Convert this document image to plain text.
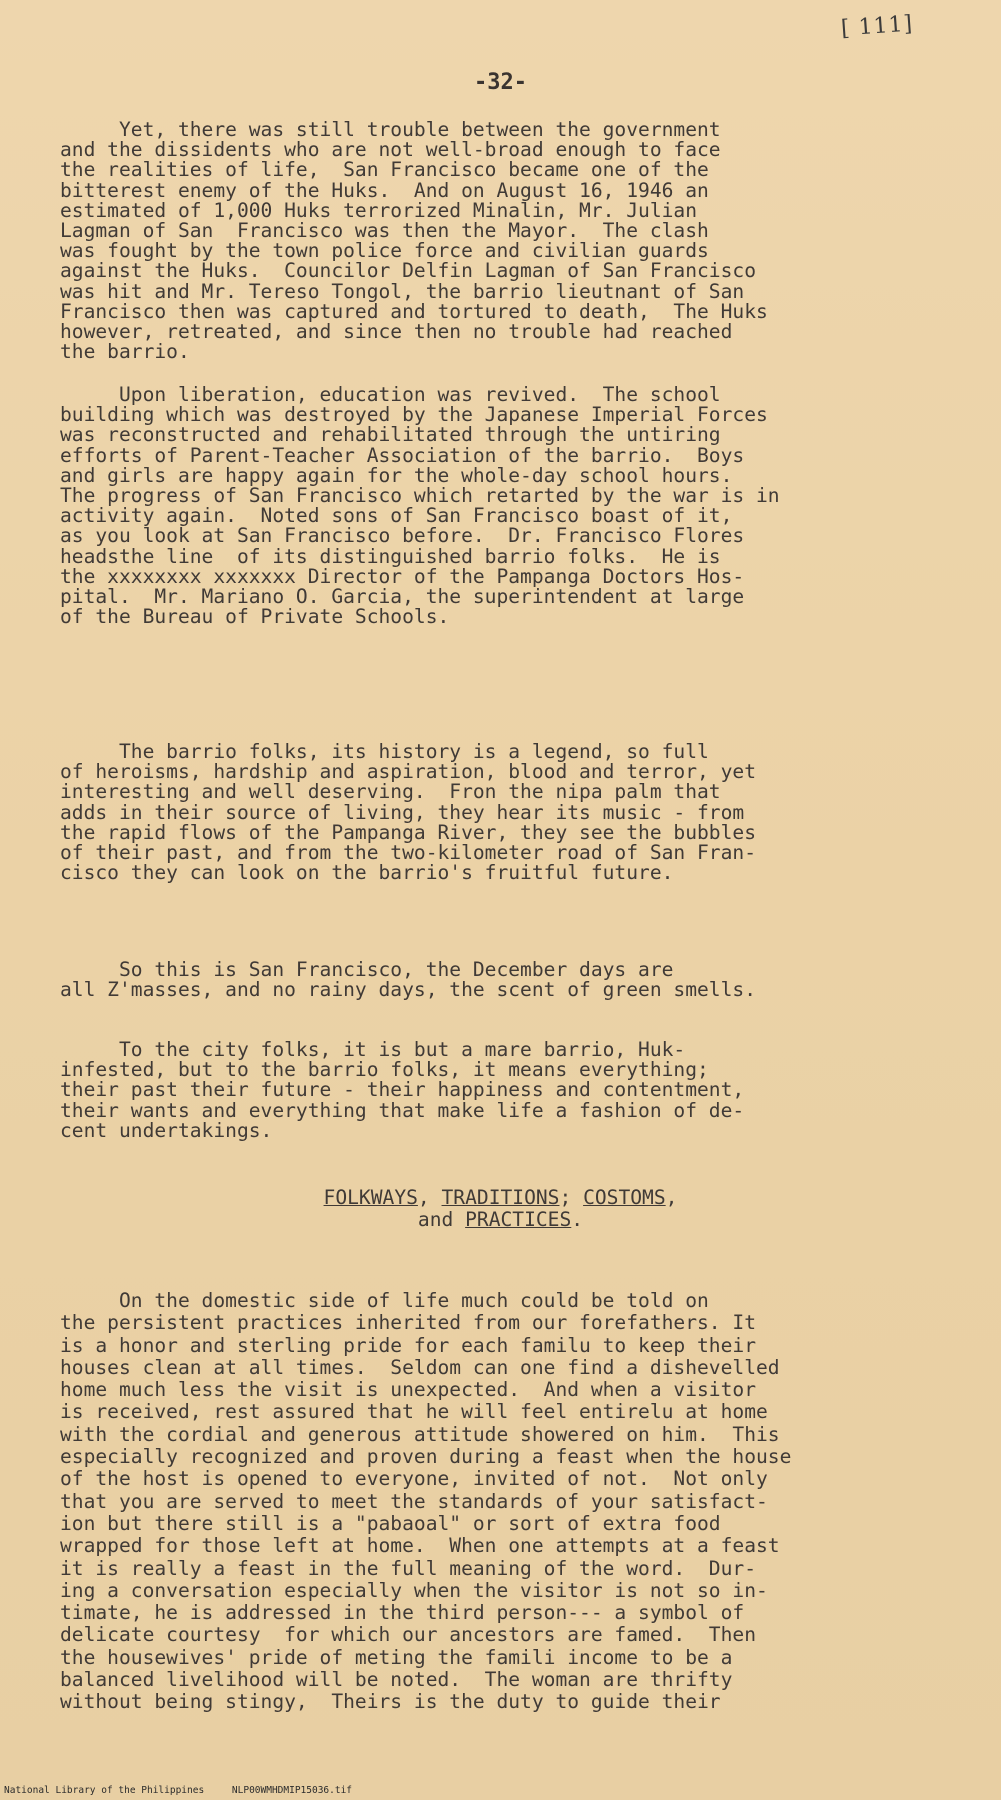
[ 111]
-32-
Yet, there was still trouble between the government
and the dissidents who are not well-broad enough to face
the realities of life,  San Francisco became one of the
bitterest enemy of the Huks.  And on August 16, 1946 an
estimated of 1,000 Huks terrorized Minalin, Mr. Julian
Lagman of San  Francisco was then the Mayor.  The clash
was fought by the town police force and civilian guards
against the Huks.  Councilor Delfin Lagman of San Francisco
was hit and Mr. Tereso Tongol, the barrio lieutnant of San
Francisco then was captured and tortured to death,  The Huks
however, retreated, and since then no trouble had reached
the barrio.
Upon liberation, education was revived.  The school
building which was destroyed by the Japanese Imperial Forces
was reconstructed and rehabilitated through the untiring
efforts of Parent-Teacher Association of the barrio.  Boys
and girls are happy again for the whole-day school hours.
The progress of San Francisco which retarted by the war is in
activity again.  Noted sons of San Francisco boast of it,
as you look at San Francisco before.  Dr. Francisco Flores
headsthe line  of its distinguished barrio folks.  He is
the xxxxxxxx xxxxxxx Director of the Pampanga Doctors Hos-
pital.  Mr. Mariano O. Garcia, the superintendent at large
of the Bureau of Private Schools.
The barrio folks, its history is a legend, so full
of heroisms, hardship and aspiration, blood and terror, yet
interesting and well deserving.  Fron the nipa palm that
adds in their source of living, they hear its music - from
the rapid flows of the Pampanga River, they see the bubbles
of their past, and from the two-kilometer road of San Fran-
cisco they can look on the barrio's fruitful future.
So this is San Francisco, the December days are
all Z'masses, and no rainy days, the scent of green smells.
To the city folks, it is but a mare barrio, Huk-
infested, but to the barrio folks, it means everything;
their past their future - their happiness and contentment,
their wants and everything that make life a fashion of de-
cent undertakings.
FOLKWAYS, TRADITIONS; COSTOMS,
and PRACTICES.
On the domestic side of life much could be told on
the persistent practices inherited from our forefathers. It
is a honor and sterling pride for each familu to keep their
houses clean at all times.  Seldom can one find a dishevelled
home much less the visit is unexpected.  And when a visitor
is received, rest assured that he will feel entirelu at home
with the cordial and generous attitude showered on him.  This
especially recognized and proven during a feast when the house
of the host is opened to everyone, invited of not.  Not only
that you are served to meet the standards of your satisfact-
ion but there still is a "pabaoal" or sort of extra food
wrapped for those left at home.  When one attempts at a feast
it is really a feast in the full meaning of the word.  Dur-
ing a conversation especially when the visitor is not so in-
timate, he is addressed in the third person--- a symbol of
delicate courtesy  for which our ancestors are famed.  Then
the housewives' pride of meting the famili income to be a
balanced livelihood will be noted.  The woman are thrifty
without being stingy,  Theirs is the duty to guide their
National Library of the Philippines	NLP00WMHDMIP15036.tif
